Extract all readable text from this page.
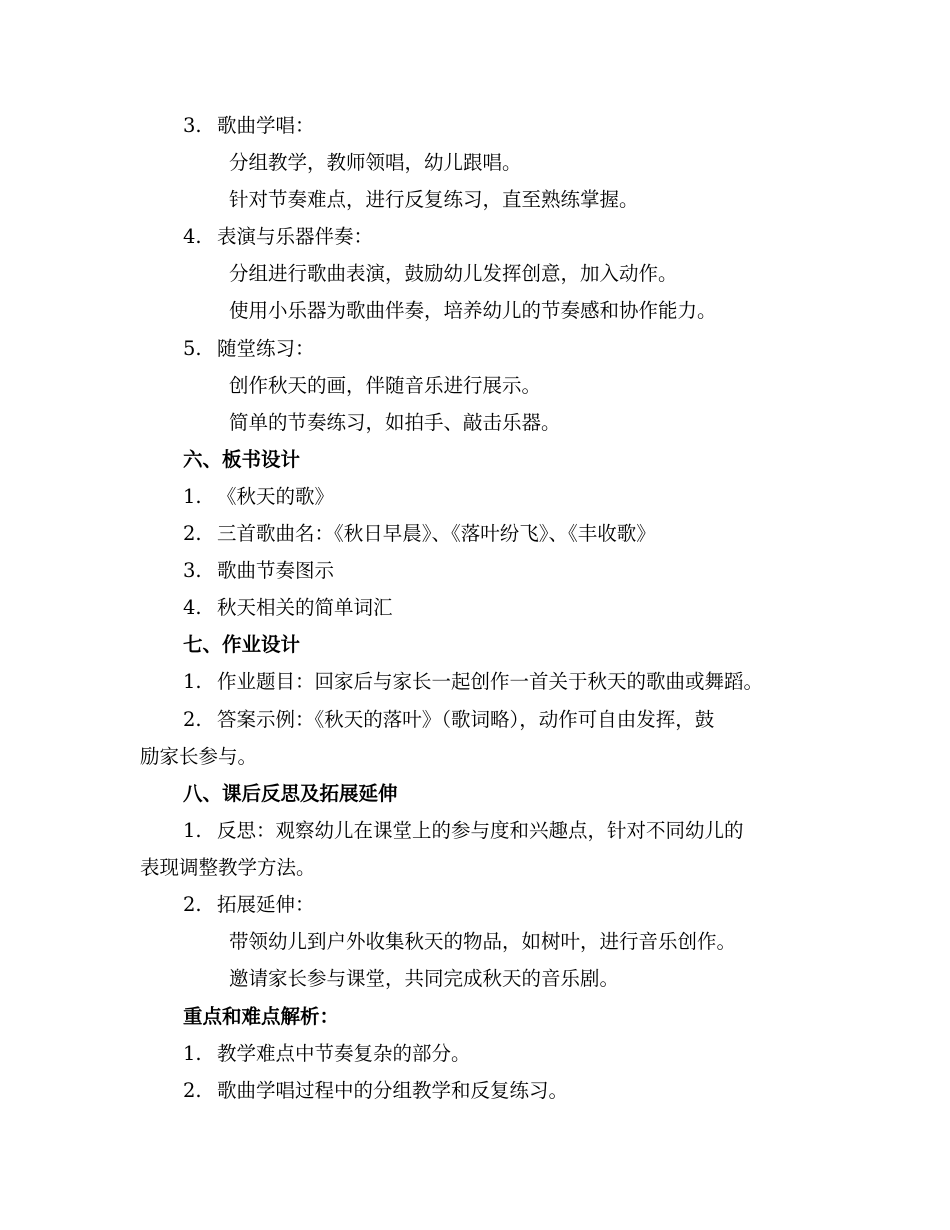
3. 歌曲学唱：
分组教学，教师领唱，幼儿跟唱。
针对节奏难点，进行反复练习，直至熟练掌握。
4. 表演与乐器伴奏：
分组进行歌曲表演，鼓励幼儿发挥创意，加入动作。
使用小乐器为歌曲伴奏，培养幼儿的节奏感和协作能力。
5. 随堂练习：
创作秋天的画，伴随音乐进行展示。
简单的节奏练习，如拍手、敲击乐器。
六、板书设计
1. 《秋天的歌》
2. 三首歌曲名：《秋日早晨》、《落叶纷飞》、《丰收歌》
3. 歌曲节奏图示
4. 秋天相关的简单词汇
七、作业设计
1. 作业题目：回家后与家长一起创作一首关于秋天的歌曲或舞蹈。
2. 答案示例：《秋天的落叶》（歌词略），动作可自由发挥，鼓
励家长参与。
八、课后反思及拓展延伸
1. 反思：观察幼儿在课堂上的参与度和兴趣点，针对不同幼儿的
表现调整教学方法。
2. 拓展延伸：
带领幼儿到户外收集秋天的物品，如树叶，进行音乐创作。
邀请家长参与课堂，共同完成秋天的音乐剧。
重点和难点解析：
1. 教学难点中节奏复杂的部分。
2. 歌曲学唱过程中的分组教学和反复练习。
